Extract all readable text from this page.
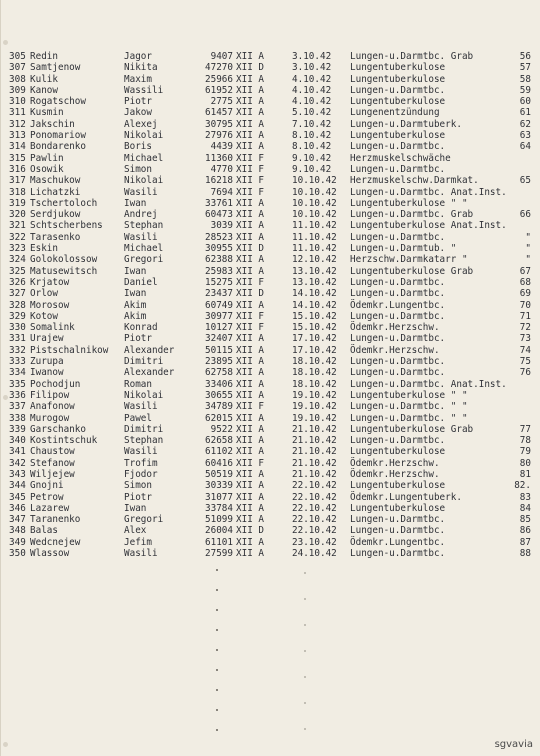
305 Redin	Jagor	9407 XII A	3.10.42 Lungen-u.Darmtbc. Grab	56
307 Samtjenow	Nikita	47270 XII D	3.10.42 Lungentuberkulose	57
308 Kulik	Maxim	25966 XII A	4.10.42 Lungentuberkulose	58
309 Kanow	Wassili	61952 XII A	4.10.42 Lungen-u.Darmtbc.	59
310 Rogatschow	Piotr	2775 XII A	4.10.42 Lungentuberkulose	60
311 Kusmin	Jakow	61457 XII A	5.10.42 Lungenentzündung	61
312 Jakschin	Alexej	30795 XII A	7.10.42 Lungen-u.Darmtuberk.	62
313 Ponomariow	Nikolai	27976 XII A	8.10.42 Lungentuberkulose	63
314 Bondarenko	Boris	4439 XII A	8.10.42 Lungen-u.Darmtbc.	64
315 Pawlin	Michael	11360 XII F	9.10.42 Herzmuskelschwäche
316 Osowik	Simon	4770 XII F	9.10.42 Lungen-u.Darmtbc.
317 Maschukow	Nikolai	16218 XII F	10.10.42 Herzmuskelschw.Darmkat.	65
318 Lichatzki	Wasili	7694 XII F	10.10.42 Lungen-u.Darmtbc. Anat.Inst.
319 Tschertoloch	Iwan	33761 XII A	10.10.42 Lungentuberkulose " "
320 Serdjukow	Andrej	60473 XII A	10.10.42 Lungen-u.Darmtbc. Grab	66
321 Schtscherbens Stephan	3039 XII A	11.10.42 Lungentuberkulose Anat.Inst.
322 Tarasenko	Wasili	28523 XII A	11.10.42 Lungen-u.Darmtbc.	"
323 Eskin	Michael	30955 XII D	11.10.42 Lungen-u.Darmtub. "	"
324 Golokolossow	Gregori	62388 XII A	12.10.42 Herzschw.Darmkatarr "	"
325 Matusewitsch	Iwan	25983 XII A	13.10.42 Lungentuberkulose Grab	67
326 Krjatow	Daniel	15275 XII F	13.10.42 Lungen-u.Darmtbc.	68
327 Orlow	Iwan	23437 XII D	14.10.42 Lungen-u.Darmtbc.	69
328 Morosow	Akim	60749 XII A	14.10.42 Ödemkr.Lungentbc.	70
329 Kotow	Akim	30977 XII F	15.10.42 Lungen-u.Darmtbc.	71
330 Somalink	Konrad	10127 XII F	15.10.42 Ödemkr.Herzschw.	72
331 Urajew	Piotr	32407 XII A	17.10.42 Lungen-u.Darmtbc.	73
332 Pistschalnikow Alexander	50115 XII A	17.10.42 Ödemkr.Herzschw.	74
333 Zurupa	Dimitri	23895 XII A	18.10.42 Lungen-u.Darmtbc.	75
334 Iwanow	Alexander	62758 XII A	18.10.42 Lungen-u.Darmtbc.	76
335 Pochodjun	Roman	33406 XII A	18.10.42 Lungen-u.Darmtbc. Anat.Inst.
336 Filipow	Nikolai	30655 XII A	19.10.42 Lungentuberkulose " "
337 Anafonow	Wasili	34789 XII F	19.10.42 Lungen-u.Darmtbc. " "
338 Murogow	Pawel	62015 XII A	19.10.42 Lungen-u.Darmtbc. " "
339 Garschanko	Dimitri	9522 XII A	21.10.42 Lungentuberkulose Grab	77
340 Kostintschuk	Stephan	62658 XII A	21.10.42 Lungen-u.Darmtbc.	78
341 Chaustow	Wasili	61102 XII A	21.10.42 Lungentuberkulose	79
342 Stefanow	Trofim	60416 XII F	21.10.42 Ödemkr.Herzschw.	80
343 Wiljejew	Fjodor	50519 XII A	21.10.42 Ödemkr.Herzschw.	81
344 Gnojni	Simon	30339 XII A	22.10.42 Lungentuberkulose	82.
345 Petrow	Piotr	31077 XII A	22.10.42 Ödemkr.Lungentuberk.	83
346 Lazarew	Iwan	33784 XII A	22.10.42 Lungentuberkulose	84
347 Taranenko	Gregori	51099 XII A	22.10.42 Lungen-u.Darmtbc.	85
348 Balas	Alex	26004 XII D	22.10.42 Lungen-u.Darmtbc.	86
349 Wedcnejew	Jefim	61101 XII A	23.10.42 Ödemkr.Lungentbc.	87
350 Wlassow	Wasili	27599 XII A	24.10.42 Lungen-u.Darmtbc.	88
sgvavia
